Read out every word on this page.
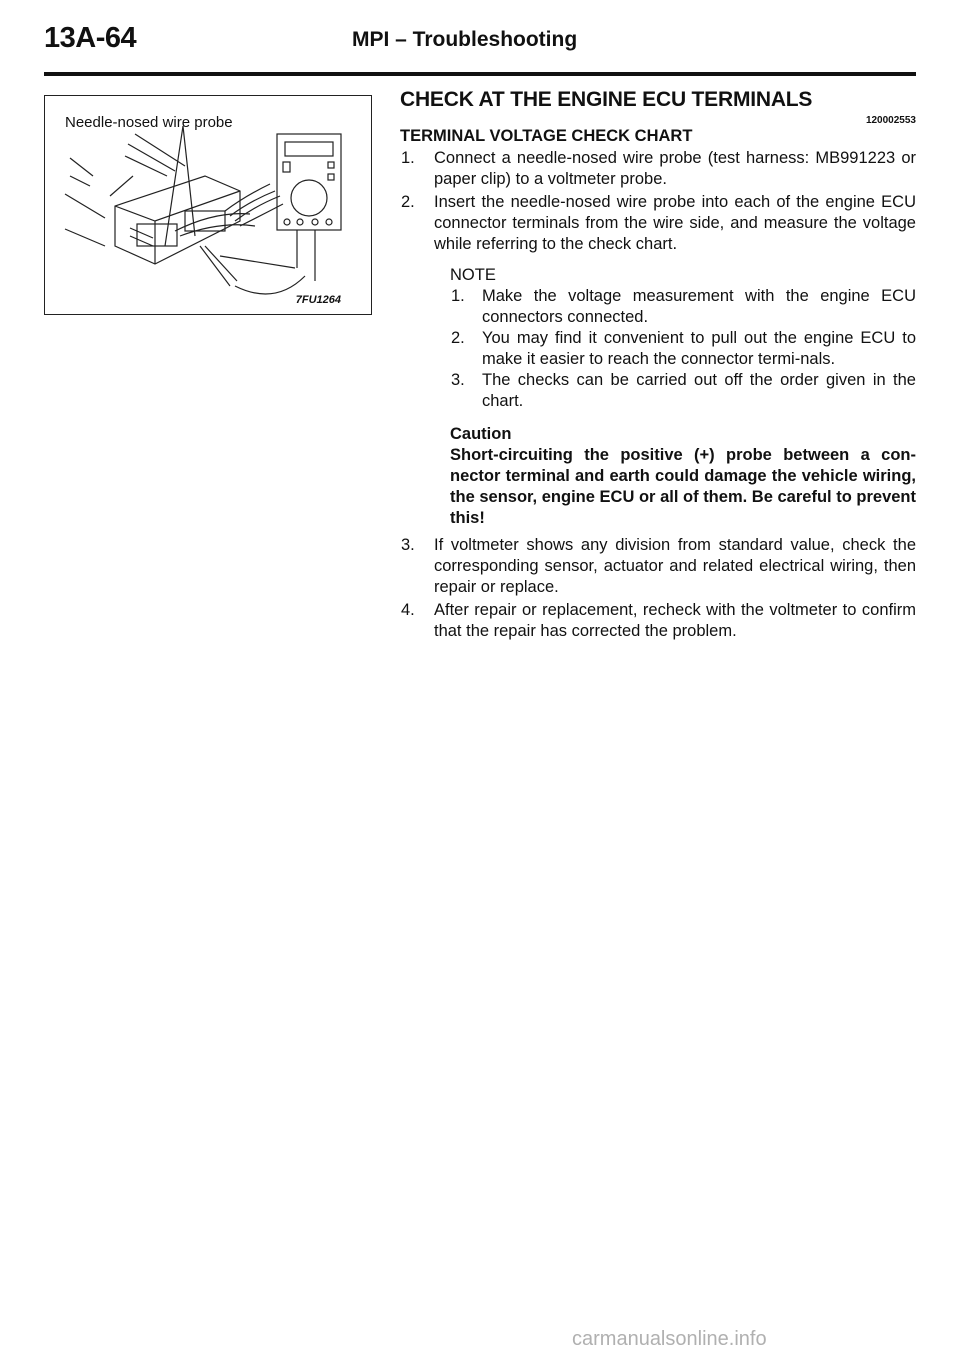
13A-64	MPI – Troubleshooting
Needle-nosed wire probe
7FU1264
CHECK AT THE ENGINE ECU TERMINALS
120002553
TERMINAL VOLTAGE CHECK CHART
1.	Connect a needle-nosed wire probe (test harness: MB991223 or paper clip) to a voltmeter probe.
2.	Insert the needle-nosed wire probe into each of the engine ECU connector terminals from the wire side, and measure the voltage while referring to the check chart.
NOTE
1.	Make the voltage measurement with the engine ECU connectors connected.
2.	You may find it convenient to pull out the engine ECU to make it easier to reach the connector termi-nals.
3.	The checks can be carried out off the order given in the chart.
Caution
Short-circuiting the positive (+) probe between a con-nector terminal and earth could damage the vehicle wiring, the sensor, engine ECU or all of them. Be careful to prevent this!
3.	If voltmeter shows any division from standard value, check the corresponding sensor, actuator and related electrical wiring, then repair or replace.
4.	After repair or replacement, recheck with the voltmeter to confirm that the repair has corrected the problem.
carmanualsonline.info
